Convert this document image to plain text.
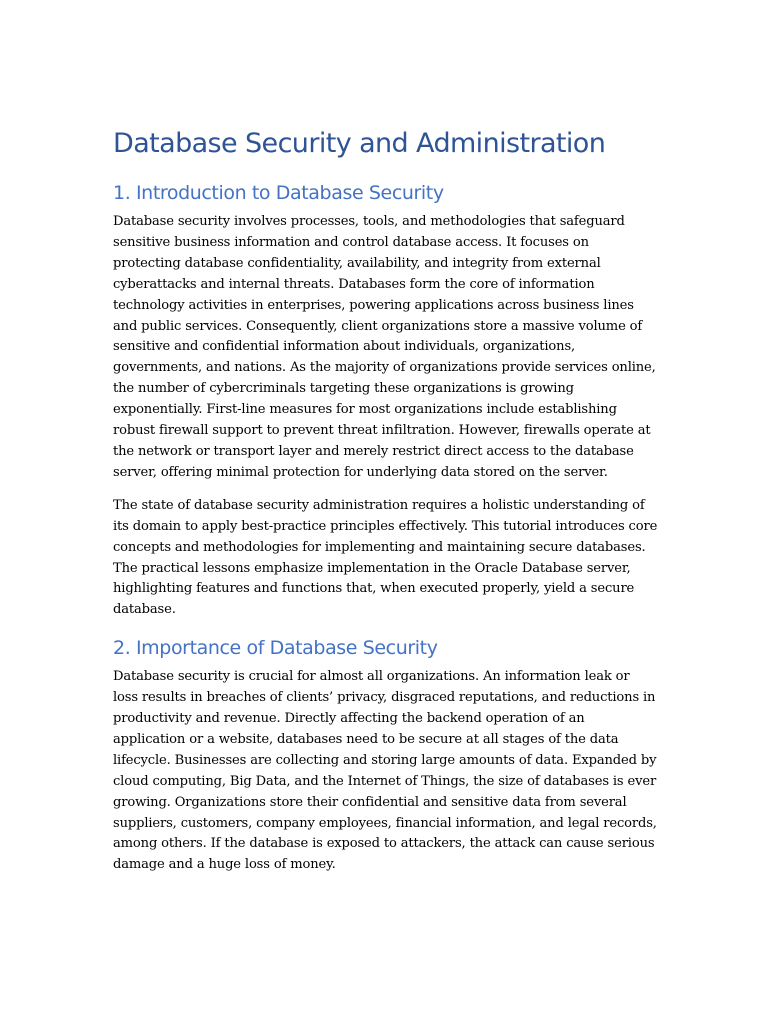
Database Security and Administration
1. Introduction to Database Security

Database security involves processes, tools, and methodologies that safeguard sensitive business information and control database access. It focuses on protecting database confidentiality, availability, and integrity from external cyberattacks and internal threats. Databases form the core of information technology activities in enterprises, powering applications across business lines and public services. Consequently, client organizations store a massive volume of sensitive and confidential information about individuals, organizations, governments, and nations. As the majority of organizations provide services online, the number of cybercriminals targeting these organizations is growing exponentially. First-line measures for most organizations include establishing robust firewall support to prevent threat infiltration. However, firewalls operate at the network or transport layer and merely restrict direct access to the database server, offering minimal protection for underlying data stored on the server.

The state of database security administration requires a holistic understanding of its domain to apply best-practice principles effectively. This tutorial introduces core concepts and methodologies for implementing and maintaining secure databases. The practical lessons emphasize implementation in the Oracle Database server, highlighting features and functions that, when executed properly, yield a secure database.

2. Importance of Database Security

Database security is crucial for almost all organizations. An information leak or loss results in breaches of clients’ privacy, disgraced reputations, and reductions in productivity and revenue. Directly affecting the backend operation of an application or a website, databases need to be secure at all stages of the data lifecycle. Businesses are collecting and storing large amounts of data. Expanded by cloud computing, Big Data, and the Internet of Things, the size of databases is ever growing. Organizations store their confidential and sensitive data from several suppliers, customers, company employees, financial information, and legal records, among others. If the database is exposed to attackers, the attack can cause serious damage and a huge loss of money.
